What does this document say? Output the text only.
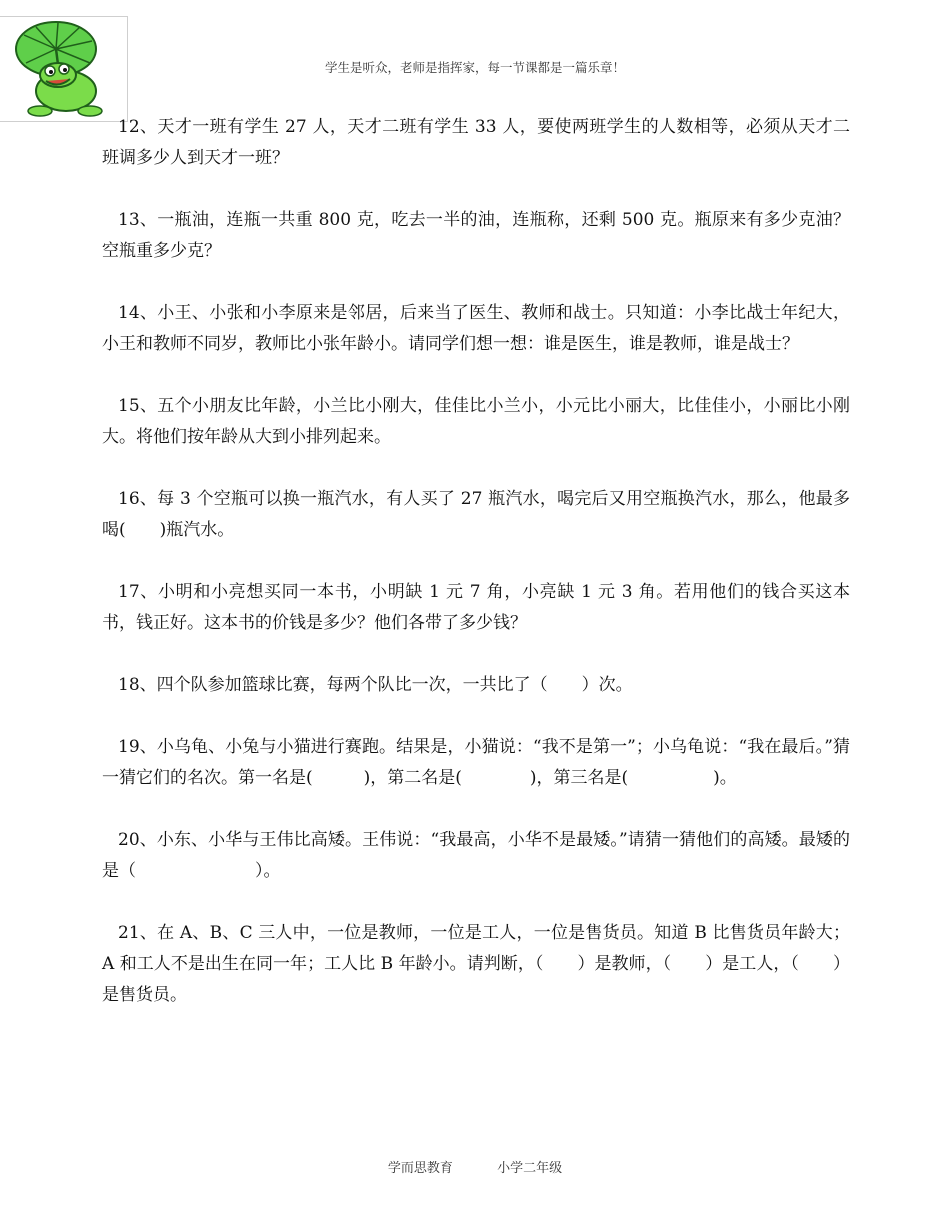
学生是听众，老师是指挥家，每一节课都是一篇乐章！

12、天才一班有学生 27 人，天才二班有学生 33 人，要使两班学生的人数相等，必须从天才二班调多少人到天才一班？

13、一瓶油，连瓶一共重 800 克，吃去一半的油，连瓶称，还剩 500 克。瓶原来有多少克油？空瓶重多少克？

14、小王、小张和小李原来是邻居，后来当了医生、教师和战士。只知道：小李比战士年纪大，小王和教师不同岁，教师比小张年龄小。请同学们想一想：谁是医生，谁是教师，谁是战士？

15、五个小朋友比年龄，小兰比小刚大，佳佳比小兰小，小元比小丽大，比佳佳小，小丽比小刚大。将他们按年龄从大到小排列起来。

16、每 3 个空瓶可以换一瓶汽水，有人买了 27 瓶汽水，喝完后又用空瓶换汽水，那么，他最多喝(　　)瓶汽水。

17、小明和小亮想买同一本书，小明缺 1 元 7 角，小亮缺 1 元 3 角。若用他们的钱合买这本书，钱正好。这本书的价钱是多少？他们各带了多少钱？

18、四个队参加篮球比赛，每两个队比一次，一共比了（　　）次。

19、小乌龟、小兔与小猫进行赛跑。结果是，小猫说：“我不是第一”；小乌龟说：“我在最后。”猜一猜它们的名次。第一名是(　　　)，第二名是(　　　　)，第三名是(　　　　　)。

20、小东、小华与王伟比高矮。王伟说：“我最高，小华不是最矮。”请猜一猜他们的高矮。最矮的是（　　　　　　　）。

21、在 A、B、C 三人中，一位是教师，一位是工人，一位是售货员。知道 B 比售货员年龄大；A 和工人不是出生在同一年；工人比 B 年龄小。请判断，（　　）是教师，（　　）是工人，（　　）是售货员。

学而思教育	小学二年级
